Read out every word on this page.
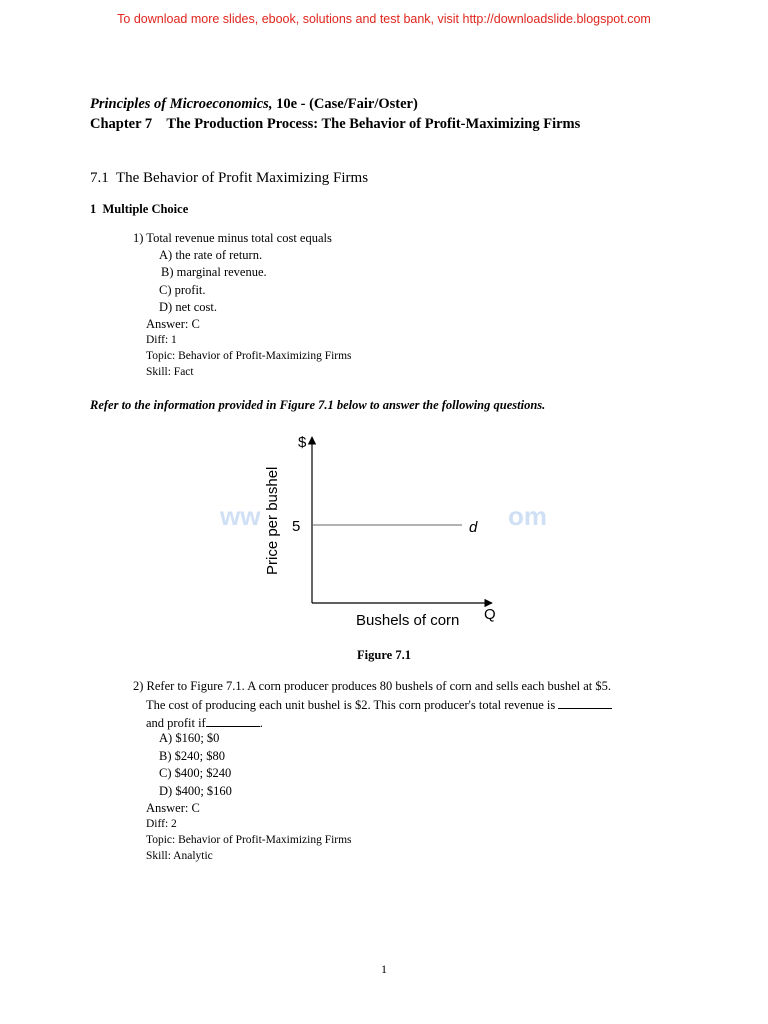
To download more slides, ebook, solutions and test bank, visit http://downloadslide.blogspot.com
Principles of Microeconomics, 10e - (Case/Fair/Oster)
Chapter 7    The Production Process: The Behavior of Profit-Maximizing Firms
7.1  The Behavior of Profit Maximizing Firms
1  Multiple Choice
1) Total revenue minus total cost equals
A) the rate of return.
B) marginal revenue.
C) profit.
D) net cost.
Answer: C
Diff: 1
Topic: Behavior of Profit-Maximizing Firms
Skill: Fact
Refer to the information provided in Figure 7.1 below to answer the following questions.
ww	om
$
Price per bushel 5	d
Bushels of corn Q
Figure 7.1
2) Refer to Figure 7.1. A corn producer produces 80 bushels of corn and sells each bushel at $5.
The cost of producing each unit bushel is $2. This corn producer's total revenue is
and profit if	.
A) $160; $0
B) $240; $80
C) $400; $240
D) $400; $160
Answer: C
Diff: 2
Topic: Behavior of Profit-Maximizing Firms
Skill: Analytic
1
